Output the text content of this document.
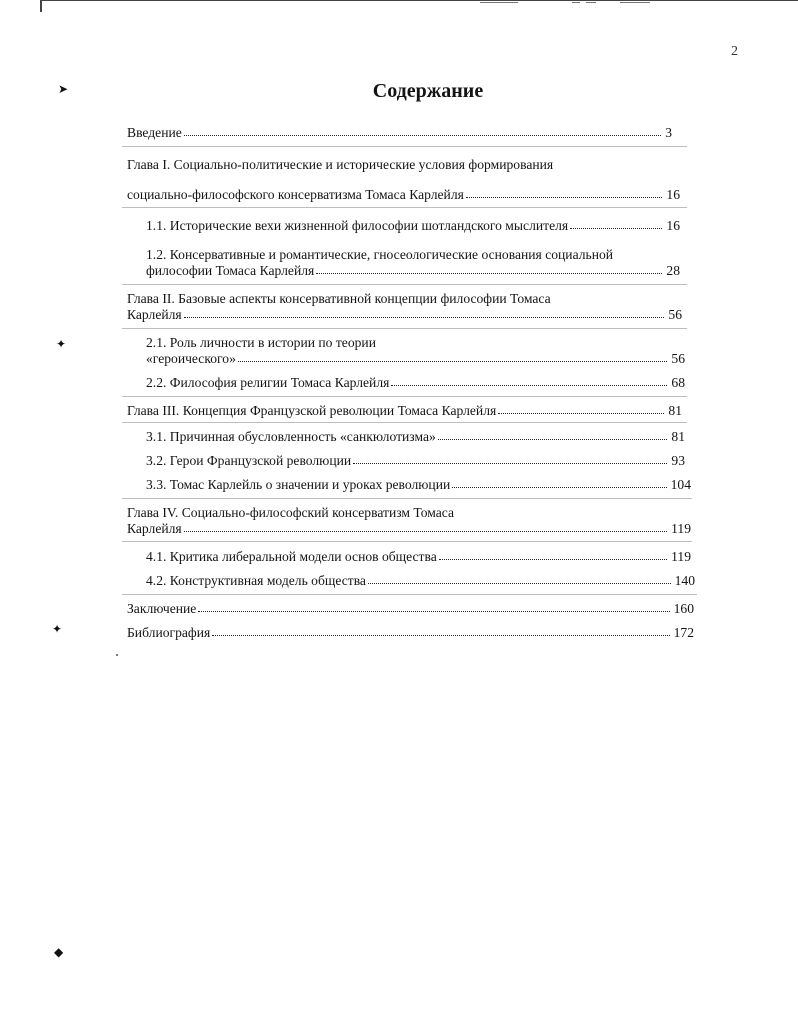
➤
✦
✦
◆
2
Содержание
Введение	3
Глава I. Социально-политические и исторические условия формирования
социально-философского консерватизма Томаса Карлейля	16
1.1. Исторические вехи жизненной философии шотландского мыслителя	16
1.2. Консервативные и романтические, гносеологические основания социальной
философии Томаса Карлейля	28
Глава II. Базовые аспекты консервативной концепции философии Томаса
Карлейля	56
2.1. Роль личности в истории по теории
«героического»	56
2.2. Философия религии Томаса Карлейля	68
Глава III. Концепция Французской революции Томаса Карлейля	81
3.1. Причинная обусловленность «санкюлотизма»	81
3.2. Герои Французской революции	93
3.3. Томас Карлейль о значении и уроках революции	104
Глава IV. Социально-философский консерватизм Томаса
Карлейля	119
4.1. Критика либеральной модели основ общества	119
4.2. Конструктивная модель общества	140
Заключение	160
Библиография	172
